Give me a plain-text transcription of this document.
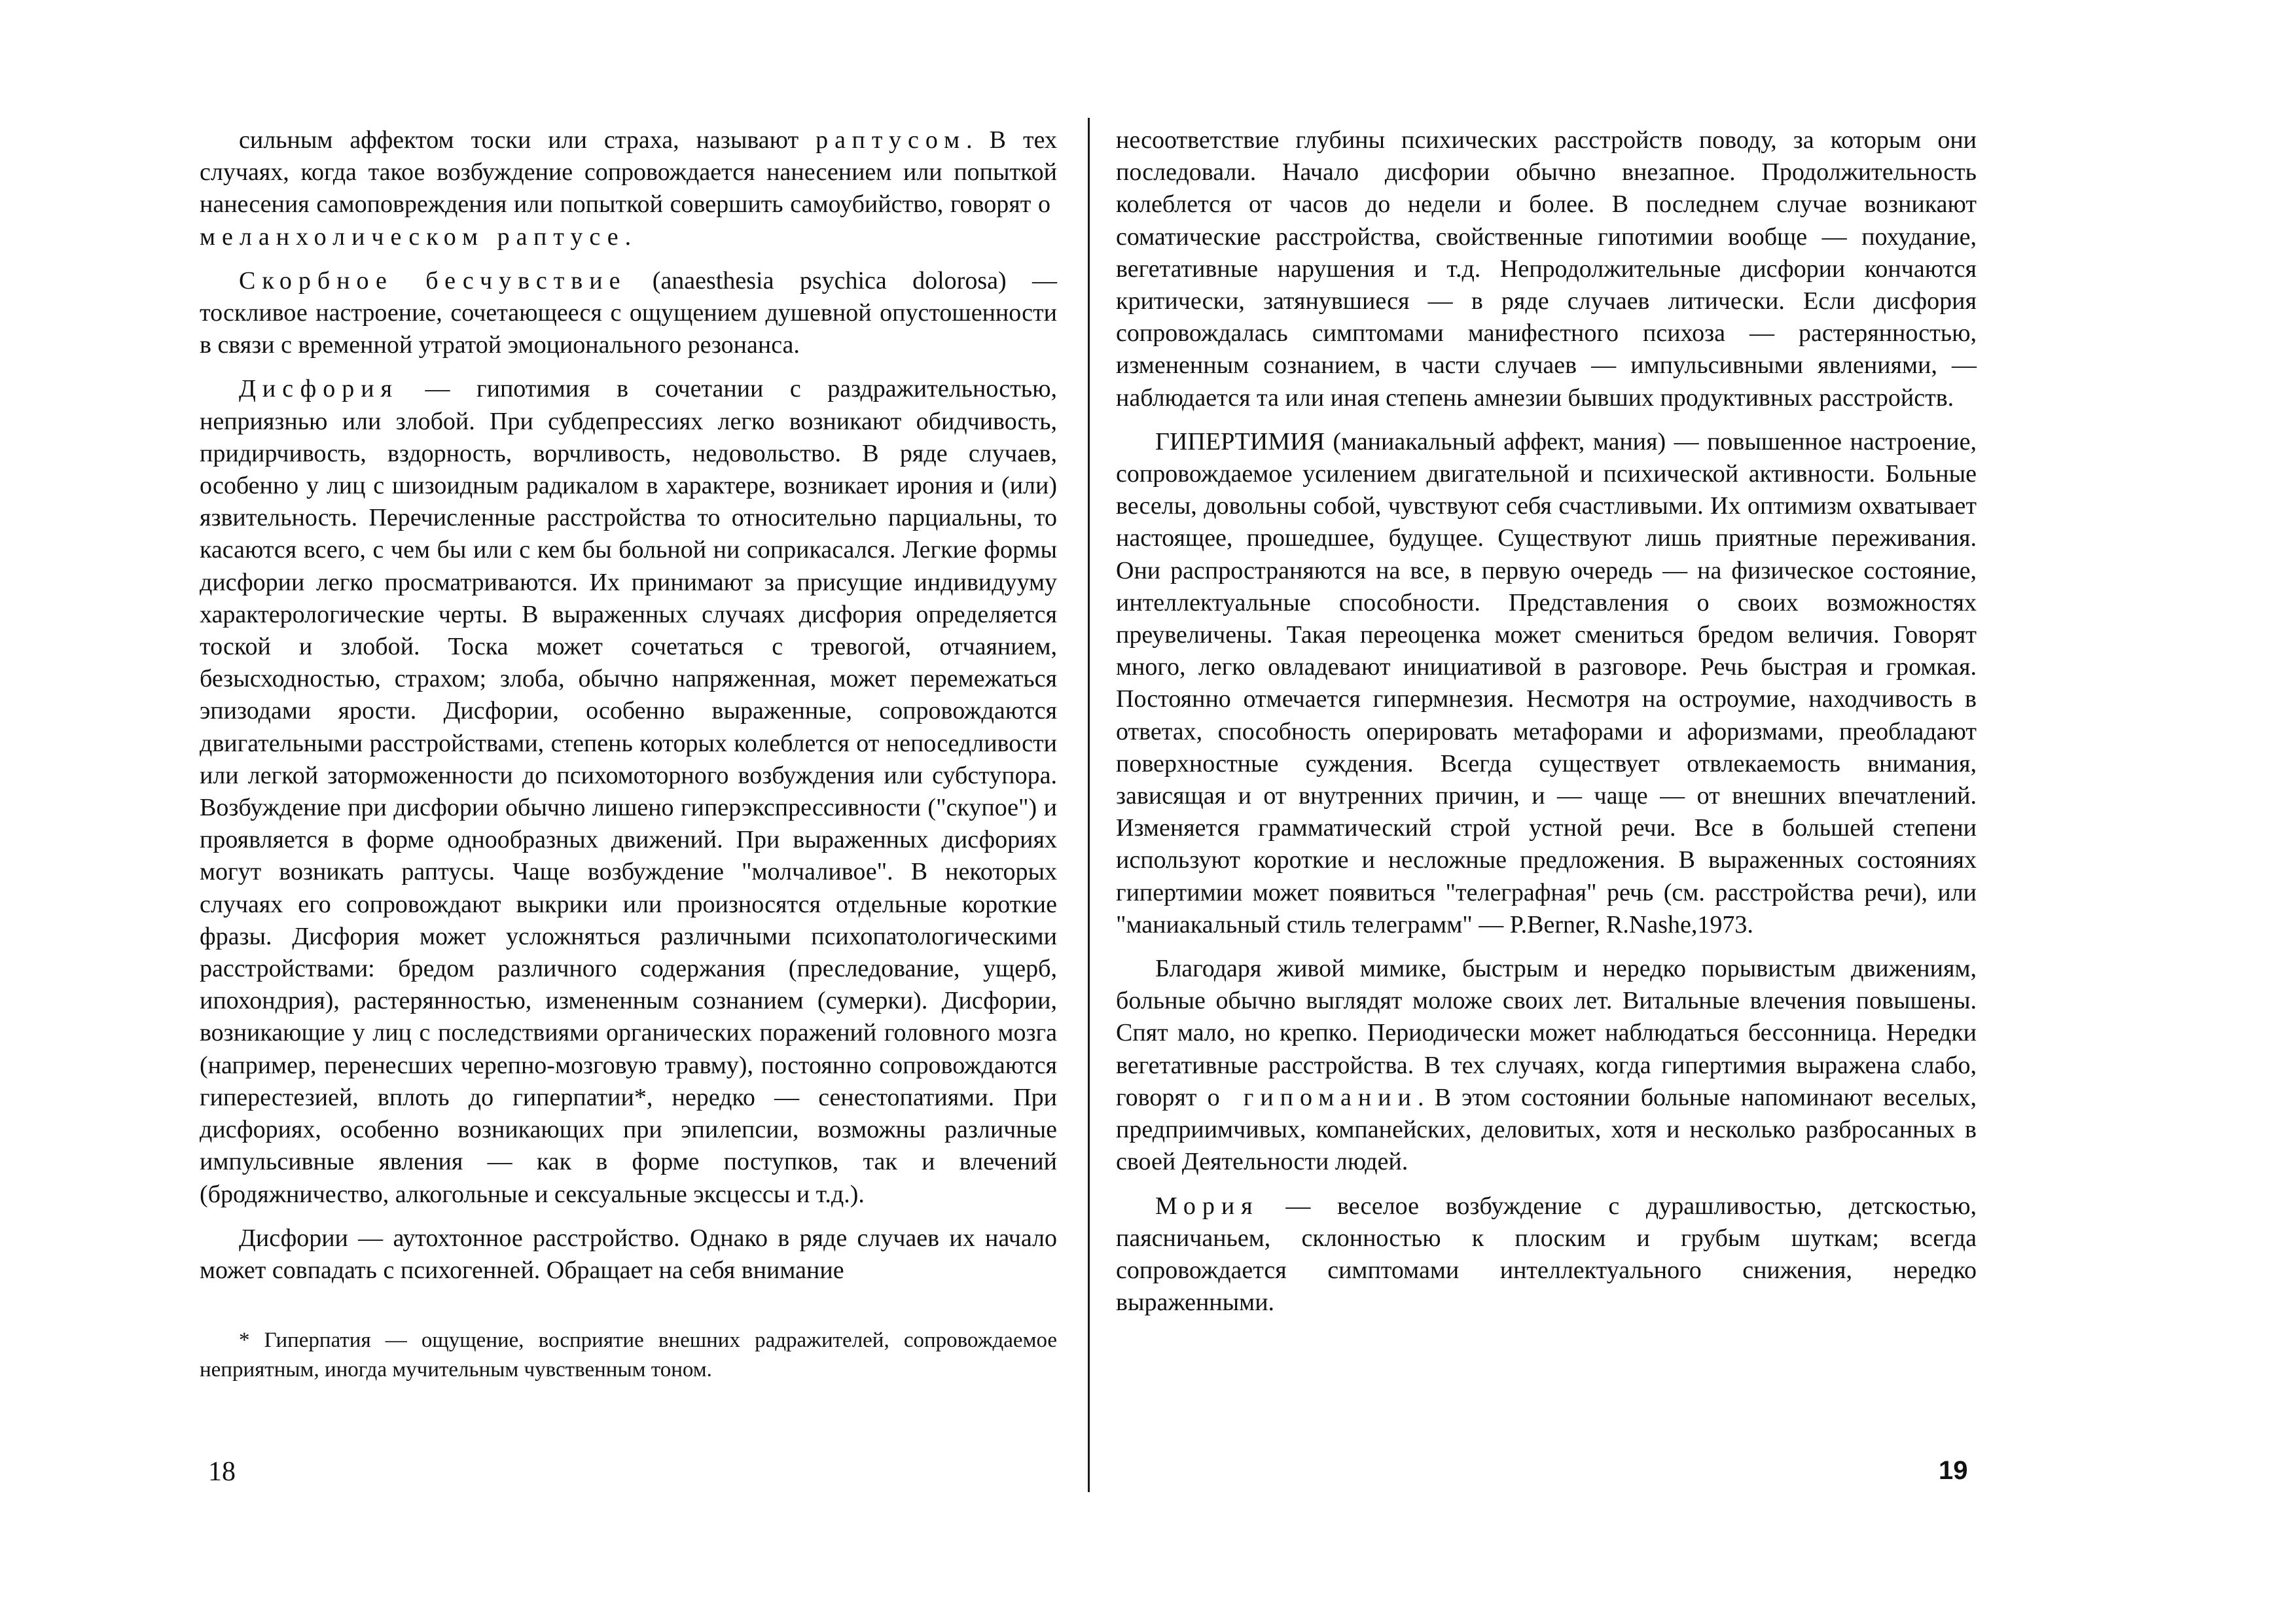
сильным аффектом тоски или страха, называют раптусом. В тех случаях, когда такое возбуждение сопровождается нанесением или попыткой нанесения самоповреждения или попыткой совершить самоубийство, говорят о меланхолическом раптусе.

Скорбное бесчувствие (anaesthesia psychica dolorosa) — тоскливое настроение, сочетающееся с ощущением душевной опустошенности в связи с временной утратой эмоционального резонанса.

Дисфория — гипотимия в сочетании с раздражительностью, неприязнью или злобой. При субдепрессиях легко возникают обидчивость, придирчивость, вздорность, ворчливость, недовольство. В ряде случаев, особенно у лиц с шизоидным радикалом в характере, возникает ирония и (или) язвительность. Перечисленные расстройства то относительно парциальны, то касаются всего, с чем бы или с кем бы больной ни соприкасался. Легкие формы дисфории легко просматриваются. Их принимают за присущие индивидууму характерологические черты. В выраженных случаях дисфория определяется тоской и злобой. Тоска может сочетаться с тревогой, отчаянием, безысходностью, страхом; злоба, обычно напряженная, может перемежаться эпизодами ярости. Дисфории, особенно выраженные, сопровождаются двигательными расстройствами, степень которых колеблется от непоседливости или легкой заторможенности до психомоторного возбуждения или субступора. Возбуждение при дисфории обычно лишено гиперэкспрессивности ("скупое") и проявляется в форме однообразных движений. При выраженных дисфориях могут возникать раптусы. Чаще возбуждение "молчаливое". В некоторых случаях его сопровождают выкрики или произносятся отдельные короткие фразы. Дисфория может усложняться различными психопатологическими расстройствами: бредом различного содержания (преследование, ущерб, ипохондрия), растерянностью, измененным сознанием (сумерки). Дисфории, возникающие у лиц с последствиями органических поражений головного мозга (например, перенесших черепно-мозговую травму), постоянно сопровождаются гиперестезией, вплоть до гиперпатии*, нередко — сенестопатиями. При дисфориях, особенно возникающих при эпилепсии, возможны различные импульсивные явления — как в форме поступков, так и влечений (бродяжничество, алкогольные и сексуальные эксцессы и т.д.).

Дисфории — аутохтонное расстройство. Однако в ряде случаев их начало может совпадать с психогенней. Обращает на себя внимание

* Гиперпатия — ощущение, восприятие внешних радражителей, сопровождаемое неприятным, иногда мучительным чувственным тоном.

несоответствие глубины психических расстройств поводу, за которым они последовали. Начало дисфории обычно внезапное. Продолжительность колеблется от часов до недели и более. В последнем случае возникают соматические расстройства, свойственные гипотимии вообще — похудание, вегетативные нарушения и т.д. Непродолжительные дисфории кончаются критически, затянувшиеся — в ряде случаев литически. Если дисфория сопровождалась симптомами манифестного психоза — растерянностью, измененным сознанием, в части случаев — импульсивными явлениями, — наблюдается та или иная степень амнезии бывших продуктивных расстройств.

ГИПЕРТИМИЯ (маниакальный аффект, мания) — повышенное настроение, сопровождаемое усилением двигательной и психической активности. Больные веселы, довольны собой, чувствуют себя счастливыми. Их оптимизм охватывает настоящее, прошедшее, будущее. Существуют лишь приятные переживания. Они распространяются на все, в первую очередь — на физическое состояние, интеллектуальные способности. Представления о своих возможностях преувеличены. Такая переоценка может смениться бредом величия. Говорят много, легко овладевают инициативой в разговоре. Речь быстрая и громкая. Постоянно отмечается гипермнезия. Несмотря на остроумие, находчивость в ответах, способность оперировать метафорами и афоризмами, преобладают поверхностные суждения. Всегда существует отвлекаемость внимания, зависящая и от внутренних причин, и — чаще — от внешних впечатлений. Изменяется грамматический строй устной речи. Все в большей степени используют короткие и несложные предложения. В выраженных состояниях гипертимии может появиться "телеграфная" речь (см. расстройства речи), или "маниакальный стиль телеграмм" — P.Berner, R.Nashe,1973.

Благодаря живой мимике, быстрым и нередко порывистым движениям, больные обычно выглядят моложе своих лет. Витальные влечения повышены. Спят мало, но крепко. Периодически может наблюдаться бессонница. Нередки вегетативные расстройства. В тех случаях, когда гипертимия выражена слабо, говорят о гипомании. В этом состоянии больные напоминают веселых, предприимчивых, компанейских, деловитых, хотя и несколько разбросанных в своей Деятельности людей.

Мория — веселое возбуждение с дурашливостью, детскостью, паясничаньем, склонностью к плоским и грубым шуткам; всегда сопровождается симптомами интеллектуального снижения, нередко выраженными.

18	19
